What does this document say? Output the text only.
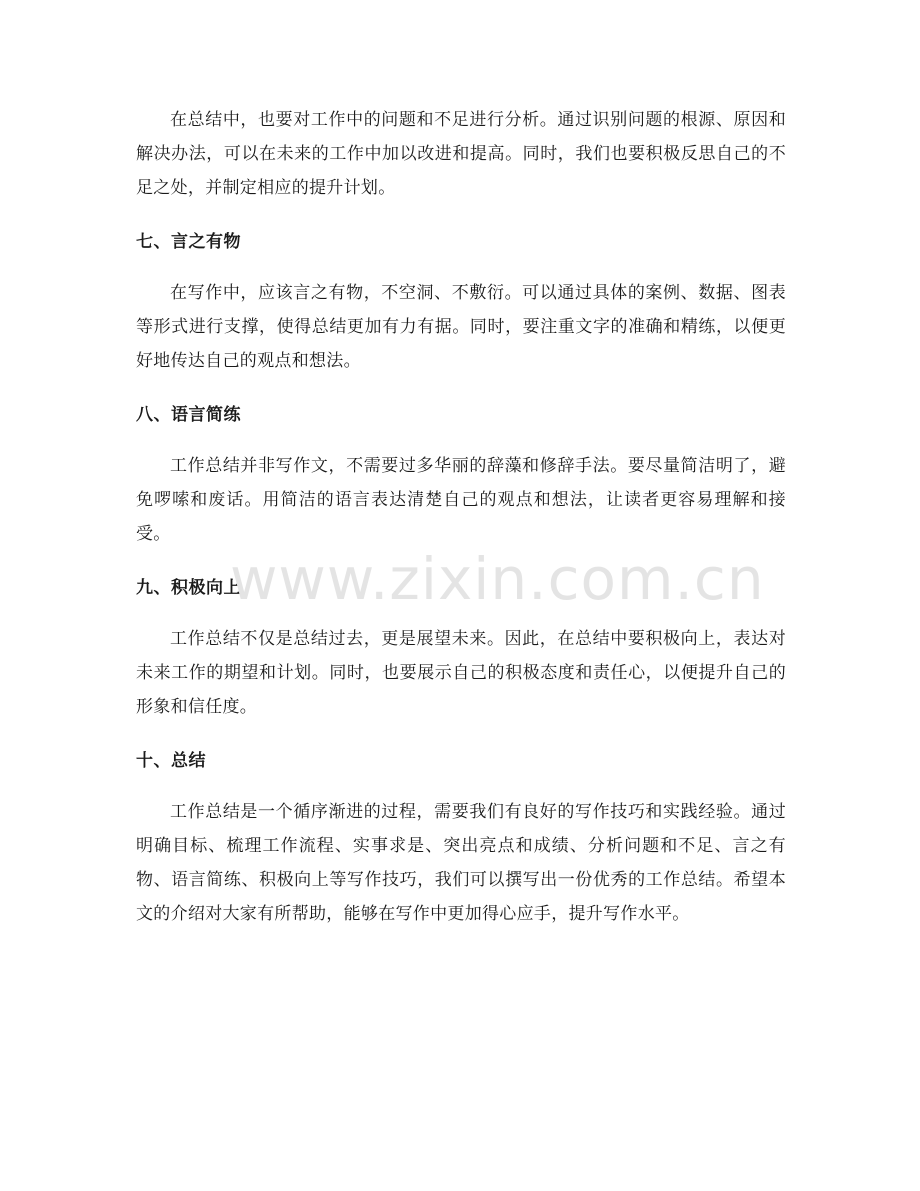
在总结中，也要对工作中的问题和不足进行分析。通过识别问题的根源、原因和解决办法，可以在未来的工作中加以改进和提高。同时，我们也要积极反思自己的不足之处，并制定相应的提升计划。

七、言之有物

在写作中，应该言之有物，不空洞、不敷衍。可以通过具体的案例、数据、图表等形式进行支撑，使得总结更加有力有据。同时，要注重文字的准确和精练，以便更好地传达自己的观点和想法。

八、语言简练

工作总结并非写作文，不需要过多华丽的辞藻和修辞手法。要尽量简洁明了，避免啰嗦和废话。用简洁的语言表达清楚自己的观点和想法，让读者更容易理解和接受。

九、积极向上

工作总结不仅是总结过去，更是展望未来。因此，在总结中要积极向上，表达对未来工作的期望和计划。同时，也要展示自己的积极态度和责任心，以便提升自己的形象和信任度。

十、总结

工作总结是一个循序渐进的过程，需要我们有良好的写作技巧和实践经验。通过明确目标、梳理工作流程、实事求是、突出亮点和成绩、分析问题和不足、言之有物、语言简练、积极向上等写作技巧，我们可以撰写出一份优秀的工作总结。希望本文的介绍对大家有所帮助，能够在写作中更加得心应手，提升写作水平。

www.zixin.com.cn
